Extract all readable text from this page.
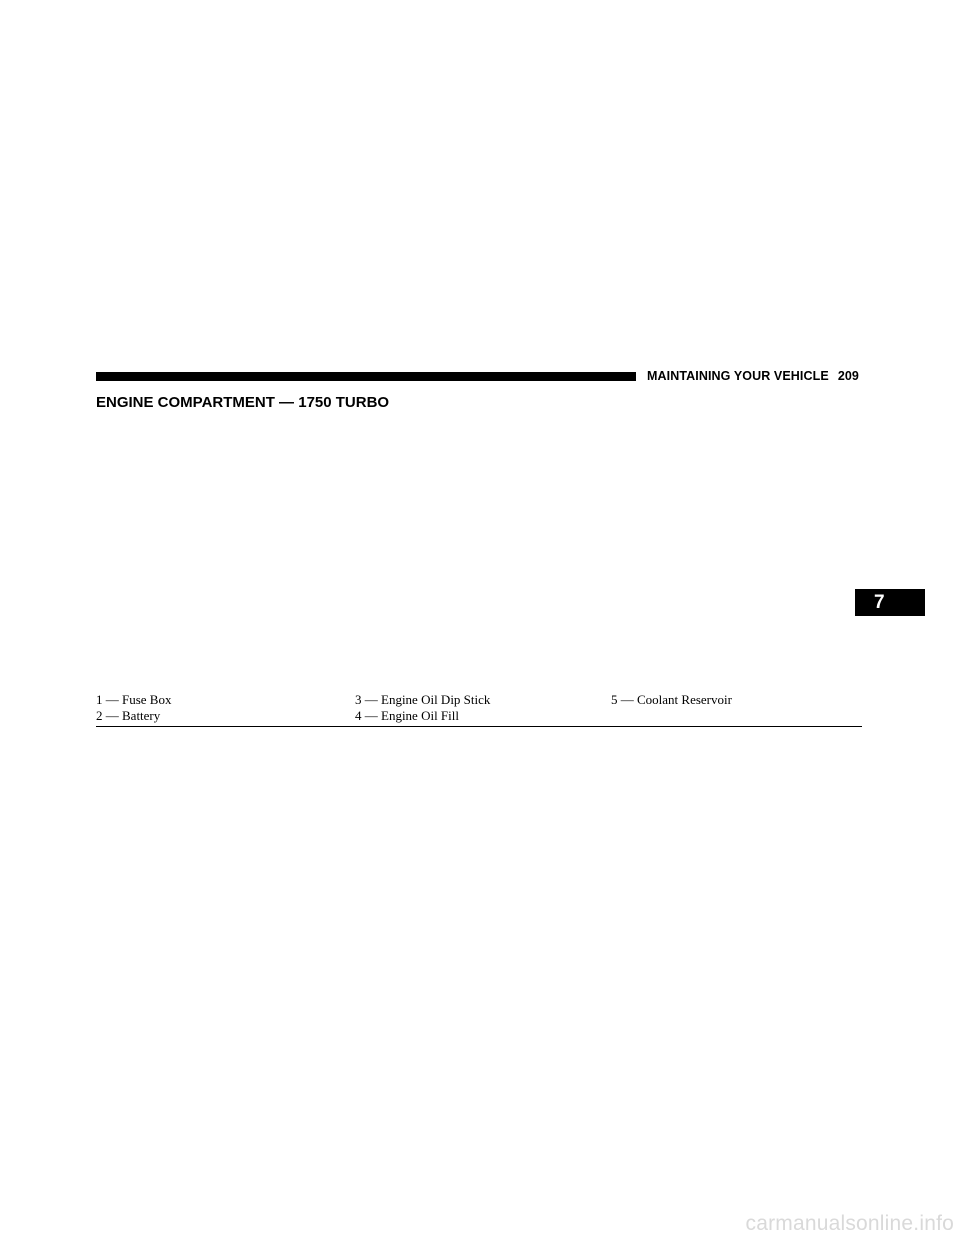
MAINTAINING YOUR VEHICLE 209
ENGINE COMPARTMENT — 1750 TURBO
1 — Fuse Box
2 — Battery
3 — Engine Oil Dip Stick
4 — Engine Oil Fill
5 — Coolant Reservoir
7
carmanualsonline.info
